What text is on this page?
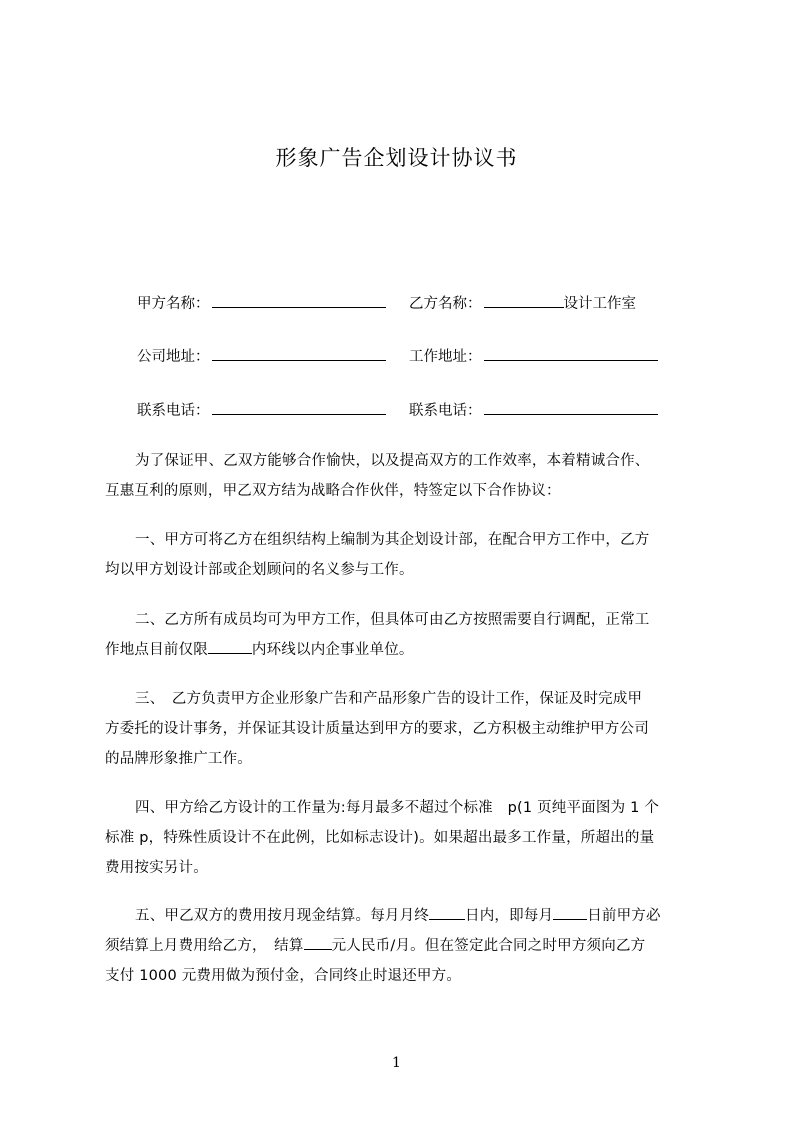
形象广告企划设计协议书
甲方名称：	乙方名称：	设计工作室
公司地址：	工作地址：
联系电话：	联系电话：
为了保证甲、乙双方能够合作愉快，以及提高双方的工作效率，本着精诚合作、
互惠互利的原则，甲乙双方结为战略合作伙伴，特签定以下合作协议：
一、甲方可将乙方在组织结构上编制为其企划设计部，在配合甲方工作中，乙方
均以甲方划设计部或企划顾问的名义参与工作。
二、乙方所有成员均可为甲方工作，但具体可由乙方按照需要自行调配，正常工
作地点目前仅限	内环线以内企事业单位。
三、　乙方负责甲方企业形象广告和产品形象广告的设计工作，保证及时完成甲
方委托的设计事务，并保证其设计质量达到甲方的要求，乙方积极主动维护甲方公司
的品牌形象推广工作。
四、甲方给乙方设计的工作量为:每月最多不超过个标准　p(1 页纯平面图为 1 个
标准 p，特殊性质设计不在此例，比如标志设计)。如果超出最多工作量，所超出的量
费用按实另计。
五、甲乙双方的费用按月现金结算。每月月终 日内，即每月 日前甲方必
须结算上月费用给乙方，　结算 元人民币/月。但在签定此合同之时甲方须向乙方
支付 1000 元费用做为预付金，合同终止时退还甲方。
1
